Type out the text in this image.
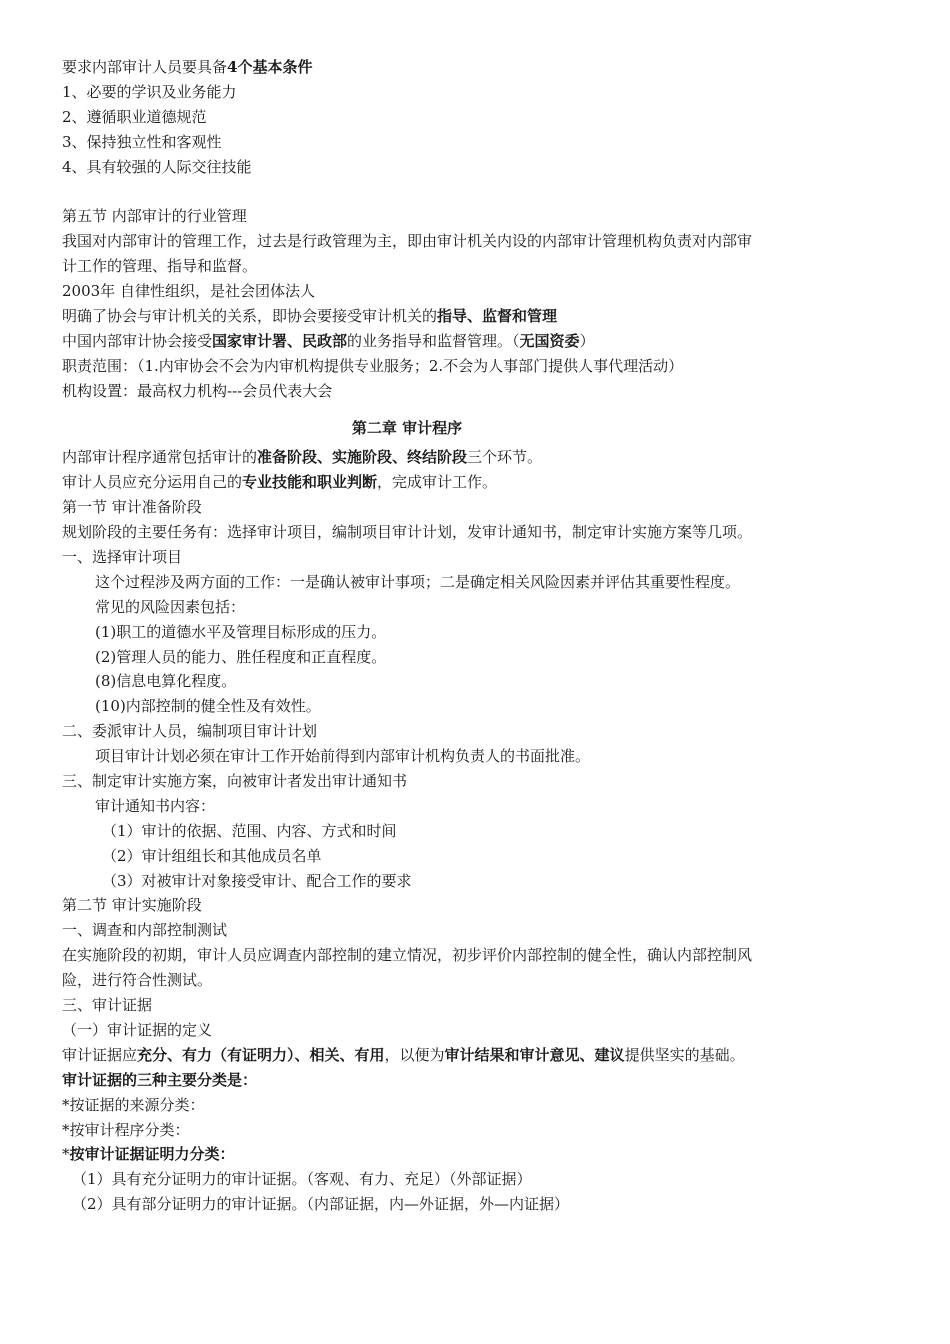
要求内部审计人员要具备4个基本条件
1、必要的学识及业务能力
2、遵循职业道德规范
3、保持独立性和客观性
4、具有较强的人际交往技能
第五节 内部审计的行业管理
我国对内部审计的管理工作，过去是行政管理为主，即由审计机关内设的内部审计管理机构负责对内部审计工作的管理、指导和监督。
2003年 自律性组织，是社会团体法人
明确了协会与审计机关的关系，即协会要接受审计机关的指导、监督和管理
中国内部审计协会接受国家审计署、民政部的业务指导和监督管理。（无国资委）
职责范围：（1.内审协会不会为内审机构提供专业服务；2.不会为人事部门提供人事代理活动）
机构设置：最高权力机构---会员代表大会
第二章 审计程序
内部审计程序通常包括审计的准备阶段、实施阶段、终结阶段三个环节。
审计人员应充分运用自己的专业技能和职业判断，完成审计工作。
第一节 审计准备阶段
规划阶段的主要任务有：选择审计项目，编制项目审计计划，发审计通知书，制定审计实施方案等几项。
一、选择审计项目
这个过程涉及两方面的工作：一是确认被审计事项；二是确定相关风险因素并评估其重要性程度。
常见的风险因素包括：
(1)职工的道德水平及管理目标形成的压力。
(2)管理人员的能力、胜任程度和正直程度。
(8)信息电算化程度。
(10)内部控制的健全性及有效性。
二、委派审计人员，编制项目审计计划
项目审计计划必须在审计工作开始前得到内部审计机构负责人的书面批准。
三、制定审计实施方案，向被审计者发出审计通知书
审计通知书内容：
（1）审计的依据、范围、内容、方式和时间
（2）审计组组长和其他成员名单
（3）对被审计对象接受审计、配合工作的要求
第二节 审计实施阶段
一、调查和内部控制测试
在实施阶段的初期，审计人员应调查内部控制的建立情况，初步评价内部控制的健全性，确认内部控制风险，进行符合性测试。
三、审计证据
（一）审计证据的定义
审计证据应充分、有力（有证明力）、相关、有用，以便为审计结果和审计意见、建议提供坚实的基础。
审计证据的三种主要分类是：
*按证据的来源分类：
*按审计程序分类：
*按审计证据证明力分类：
（1）具有充分证明力的审计证据。（客观、有力、充足）（外部证据）
（2）具有部分证明力的审计证据。（内部证据，内—外证据，外—内证据）
